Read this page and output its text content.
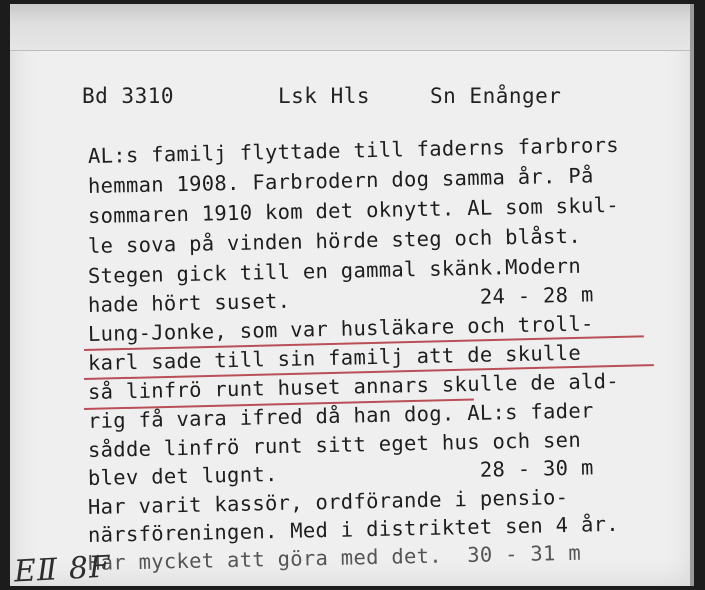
Bd 3310	Lsk Hls	Sn Enånger
AL:s familj flyttade till faderns farbrors
hemman 1908. Farbrodern dog samma år. På
sommaren 1910 kom det oknytt. AL som skul-
le sova på vinden hörde steg och blåst.
Stegen gick till en gammal skänk.Modern
hade hört suset.               24 - 28 m
Lung-Jonke, som var husläkare och troll-
karl sade till sin familj att de skulle
så linfrö runt huset annars skulle de ald-
rig få vara ifred då han dog. AL:s fader
sådde linfrö runt sitt eget hus och sen
blev det lugnt.                28 - 30 m
Har varit kassör, ordförande i pensio-
närsföreningen. Med i distriktet sen 4 år.
Har mycket att göra med det.  30 - 31 m
EⅡ 8F
